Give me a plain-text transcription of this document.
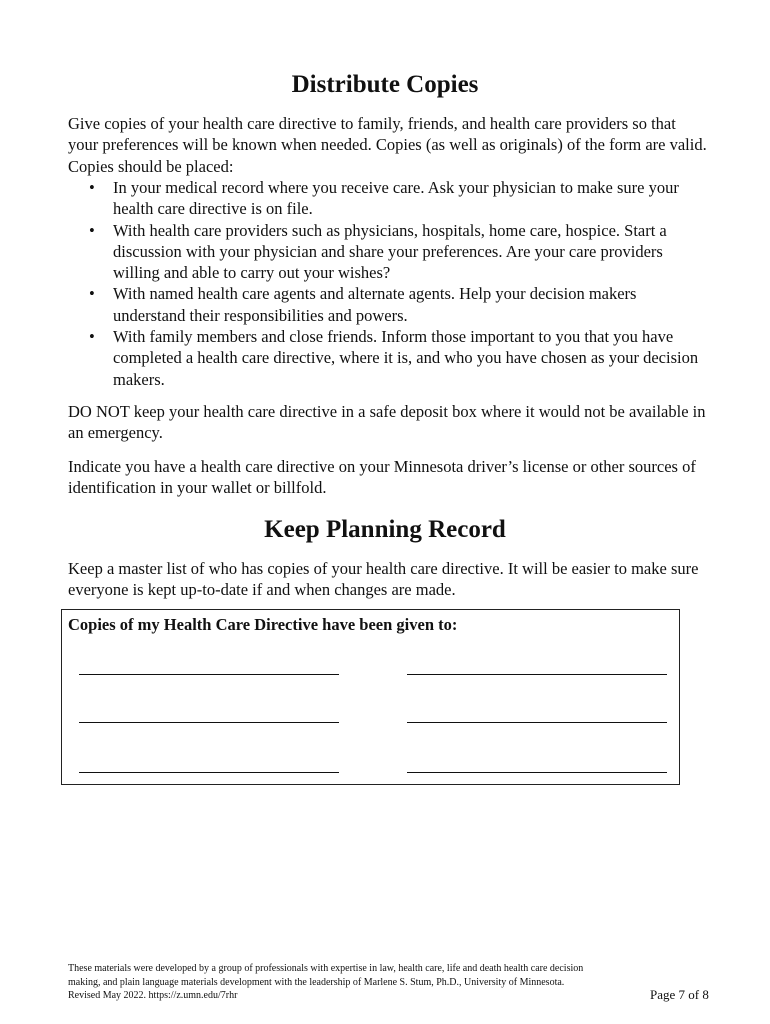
Distribute Copies

Give copies of your health care directive to family, friends, and health care providers so that your preferences will be known when needed. Copies (as well as originals) of the form are valid. Copies should be placed:

• In your medical record where you receive care. Ask your physician to make sure your health care directive is on file.
• With health care providers such as physicians, hospitals, home care, hospice. Start a discussion with your physician and share your preferences. Are your care providers willing and able to carry out your wishes?
• With named health care agents and alternate agents. Help your decision makers understand their responsibilities and powers.
• With family members and close friends. Inform those important to you that you have completed a health care directive, where it is, and who you have chosen as your decision makers.

DO NOT keep your health care directive in a safe deposit box where it would not be available in an emergency.

Indicate you have a health care directive on your Minnesota driver’s license or other sources of identification in your wallet or billfold.

Keep Planning Record

Keep a master list of who has copies of your health care directive. It will be easier to make sure everyone is kept up-to-date if and when changes are made.

Copies of my Health Care Directive have been given to:
These materials were developed by a group of professionals with expertise in law, health care, life and death health care decision making, and plain language materials development with the leadership of Marlene S. Stum, Ph.D., University of Minnesota. Revised May 2022. https://z.umn.edu/7rhr	Page 7 of 8
